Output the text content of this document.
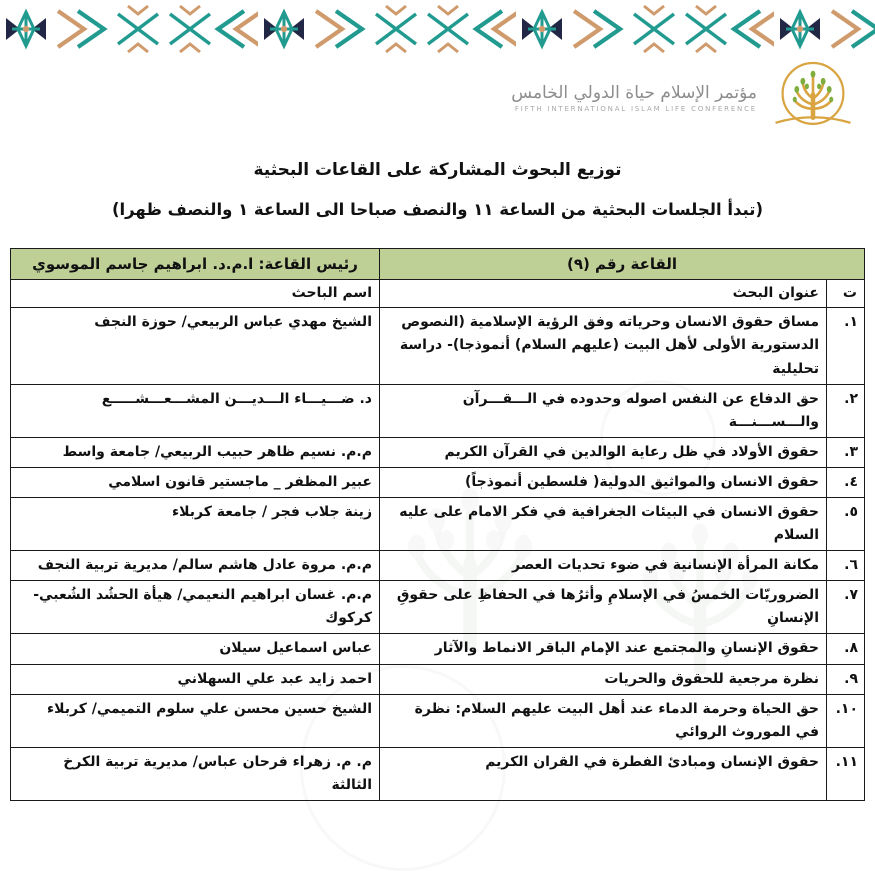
مؤتمر الإسلام حياة الدولي الخامس
FIFTH INTERNATIONAL ISLAM LIFE CONFERENCE
توزيع البحوث المشاركة على القاعات البحثية
(تبدأ الجلسات البحثية من الساعة ١١ والنصف صباحا الى الساعة ١ والنصف ظهرا)
القاعة رقم (٩)		رئيس القاعة: ا.م.د. ابراهيم جاسم الموسوي
ت	عنوان البحث	اسم الباحث
١.	مساق حقوق الانسان وحرياته وفق الرؤية الإسلامية (النصوص الدستورية الأولى لأهل البيت (عليهم السلام) أنموذجا)- دراسة تحليلية	الشيخ مهدي عباس الربيعي/ حوزة النجف
٢.	حق الدفاع عن النفس اصوله وحدوده في الـــقـــرآن والـــســـنـــة	د. ضـــيـــاء الـــديـــن المشـــعـــشـــــع
٣.	حقوق الأولاد في ظل رعاية الوالدين في القرآن الكريم	م.م. نسيم ظاهر حبيب الربيعي/ جامعة واسط
٤.	حقوق الانسان والمواثيق الدولية( فلسطين أنموذجاً)	عبير المظفر _ ماجستير قانون اسلامي
٥.	حقوق الانسان في البيئات الجغرافية في فكر الامام على عليه السلام	زينة جلاب فجر / جامعة كربلاء
٦.	مكانة المرأة الإنسانية في ضوء تحديات العصر	م.م. مروة عادل هاشم سالم/ مديرية تربية النجف
٧.	الضروريّات الخمسُ في الإسلامِ وأثرُها في الحفاظِ على حقوقِ الإنسانِ	م.م. غسان ابراهيم النعيمي/ هيأة الحشُد الشُعبي- كركوك
٨.	حقوق الإنسانِ والمجتمع عند الإمام الباقر الانماط والآثار	عباس اسماعيل سيلان
٩.	نظرة مرجعية للحقوق والحريات	احمد زايد عبد علي السهلاني
١٠.	حق الحياة وحرمة الدماء عند أهل البيت عليهم السلام: نظرة في الموروث الروائي	الشيخ حسين محسن علي سلوم التميمي/ كربلاء
١١.	حقوق الإنسان ومبادئ الفطرة في القران الكريم	م. م. زهراء فرحان عباس/ مديرية تربية الكرخ الثالثة
